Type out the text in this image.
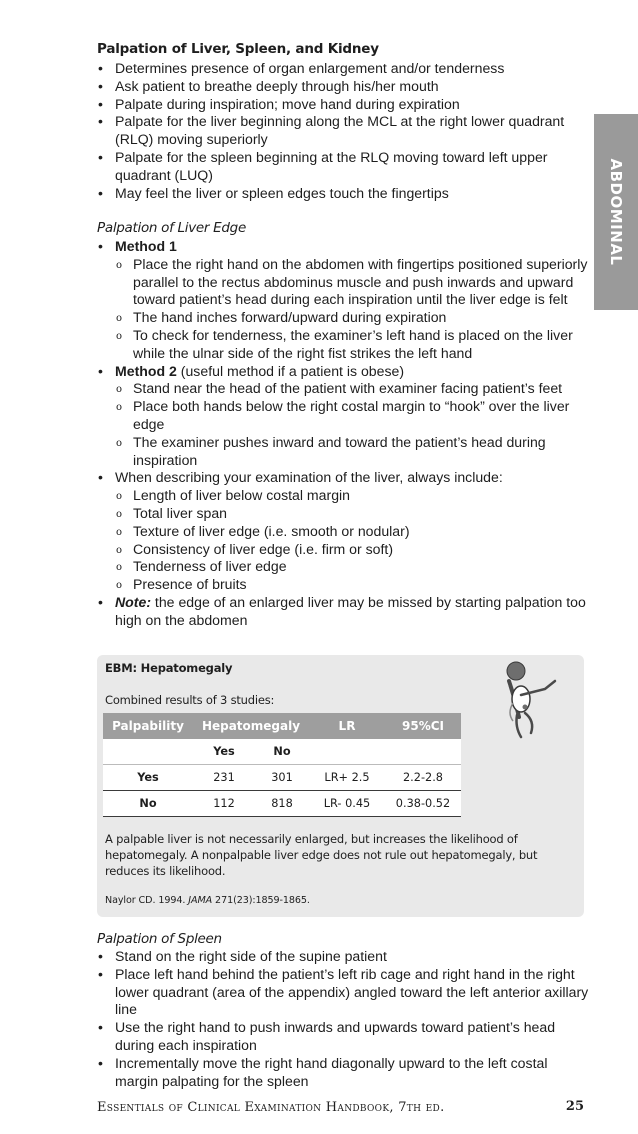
ABDOMINAL
Palpation of Liver, Spleen, and Kidney
• Determines presence of organ enlargement and/or tenderness
• Ask patient to breathe deeply through his/her mouth
• Palpate during inspiration; move hand during expiration
• Palpate for the liver beginning along the MCL at the right lower quadrant (RLQ) moving superiorly
• Palpate for the spleen beginning at the RLQ moving toward left upper quadrant (LUQ)
• May feel the liver or spleen edges touch the fingertips
Palpation of Liver Edge
• Method 1
o Place the right hand on the abdomen with fingertips positioned superiorly parallel to the rectus abdominus muscle and push inwards and upward toward patient’s head during each inspiration until the liver edge is felt
o The hand inches forward/upward during expiration
o To check for tenderness, the examiner’s left hand is placed on the liver while the ulnar side of the right fist strikes the left hand
• Method 2 (useful method if a patient is obese)
o Stand near the head of the patient with examiner facing patient’s feet
o Place both hands below the right costal margin to “hook” over the liver edge
o The examiner pushes inward and toward the patient’s head during inspiration
• When describing your examination of the liver, always include:
o Length of liver below costal margin
o Total liver span
o Texture of liver edge (i.e. smooth or nodular)
o Consistency of liver edge (i.e. firm or soft)
o Tenderness of liver edge
o Presence of bruits
• Note: the edge of an enlarged liver may be missed by starting palpation too high on the abdomen
EBM: Hepatomegaly
Combined results of 3 studies:
Palpability	Hepatomegaly		LR	95%CI
	Yes	No		
Yes	231	301	LR+ 2.5	2.2-2.8
No	112	818	LR- 0.45	0.38-0.52
A palpable liver is not necessarily enlarged, but increases the likelihood of hepatomegaly. A nonpalpable liver edge does not rule out hepatomegaly, but reduces its likelihood.
Naylor CD. 1994. JAMA 271(23):1859-1865.
Palpation of Spleen
• Stand on the right side of the supine patient
• Place left hand behind the patient’s left rib cage and right hand in the right lower quadrant (area of the appendix) angled toward the left anterior axillary line
• Use the right hand to push inwards and upwards toward patient’s head during each inspiration
• Incrementally move the right hand diagonally upward to the left costal margin palpating for the spleen
Essentials of Clinical Examination Handbook, 7th ed.	25
